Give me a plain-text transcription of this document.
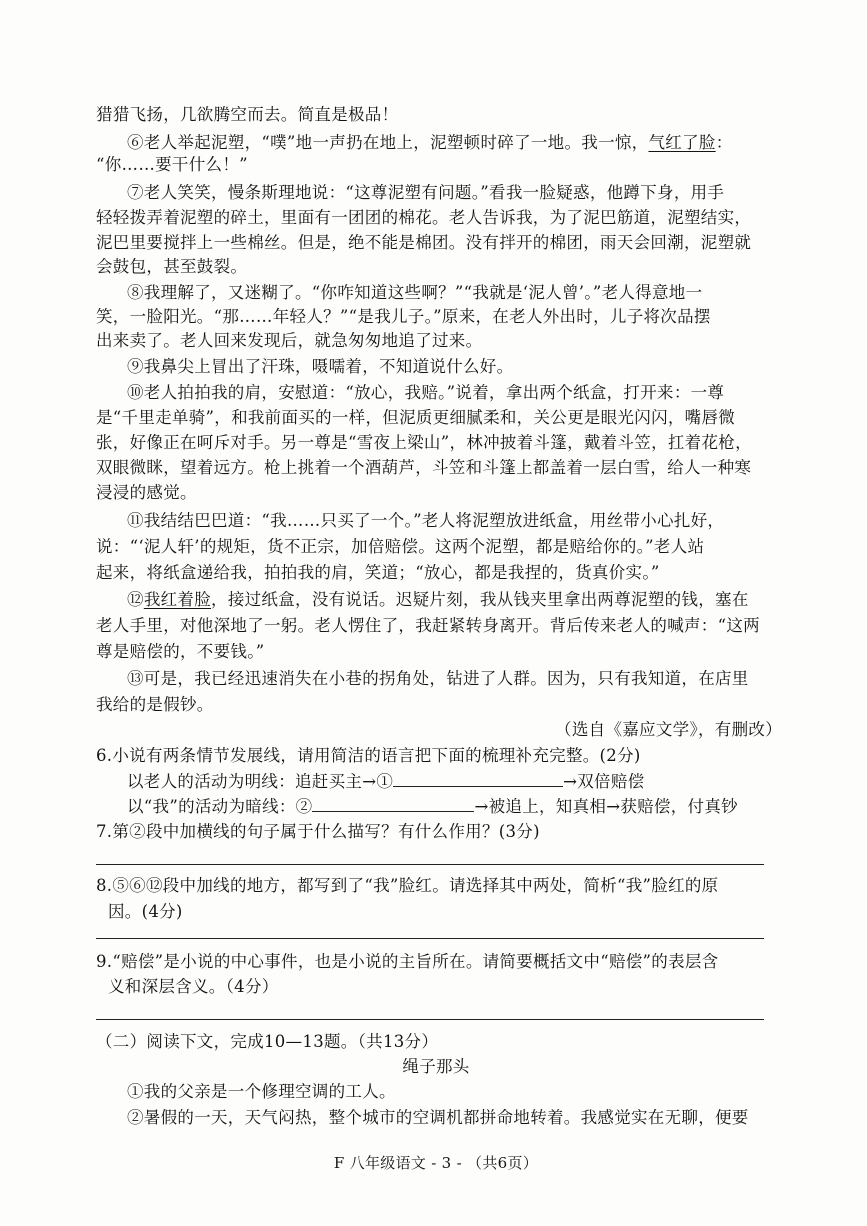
猎猎飞扬，几欲腾空而去。简直是极品！
⑥老人举起泥塑，“噗”地一声扔在地上，泥塑顿时碎了一地。我一惊，气红了脸：
“你……要干什么！”
⑦老人笑笑，慢条斯理地说：“这尊泥塑有问题。”看我一脸疑惑，他蹲下身，用手
轻轻拨弄着泥塑的碎土，里面有一团团的棉花。老人告诉我，为了泥巴筋道，泥塑结实，
泥巴里要搅拌上一些棉丝。但是，绝不能是棉团。没有拌开的棉团，雨天会回潮，泥塑就
会鼓包，甚至鼓裂。
⑧我理解了，又迷糊了。“你咋知道这些啊？”“我就是‘泥人曾’。”老人得意地一
笑，一脸阳光。“那……年轻人？”“是我儿子。”原来，在老人外出时，儿子将次品摆
出来卖了。老人回来发现后，就急匆匆地追了过来。
⑨我鼻尖上冒出了汗珠，嗫嚅着，不知道说什么好。
⑩老人拍拍我的肩，安慰道：“放心，我赔。”说着，拿出两个纸盒，打开来：一尊
是“千里走单骑”，和我前面买的一样，但泥质更细腻柔和，关公更是眼光闪闪，嘴唇微
张，好像正在呵斥对手。另一尊是“雪夜上梁山”，林冲披着斗篷，戴着斗笠，扛着花枪，
双眼微眯，望着远方。枪上挑着一个酒葫芦，斗笠和斗篷上都盖着一层白雪，给人一种寒
浸浸的感觉。
⑪我结结巴巴道：“我……只买了一个。”老人将泥塑放进纸盒，用丝带小心扎好，
说：“‘泥人轩’的规矩，货不正宗，加倍赔偿。这两个泥塑，都是赔给你的。”老人站
起来，将纸盒递给我，拍拍我的肩，笑道；“放心，都是我捏的，货真价实。”
⑫我红着脸，接过纸盒，没有说话。迟疑片刻，我从钱夹里拿出两尊泥塑的钱，塞在
老人手里，对他深地了一躬。老人愣住了，我赶紧转身离开。背后传来老人的喊声：“这两
尊是赔偿的，不要钱。”
⑬可是，我已经迅速消失在小巷的拐角处，钻进了人群。因为，只有我知道，在店里
我给的是假钞。
（选自《嘉应文学》，有删改）
6.小说有两条情节发展线，请用简洁的语言把下面的梳理补充完整。(2分)
以老人的活动为明线：追赶买主→①	→双倍赔偿
以“我”的活动为暗线：②	→被追上，知真相→获赔偿，付真钞
7.第②段中加横线的句子属于什么描写？有什么作用？(3分)
8.⑤⑥⑫段中加线的地方，都写到了“我”脸红。请选择其中两处，简析“我”脸红的原
因。(4分)
9.“赔偿”是小说的中心事件，也是小说的主旨所在。请简要概括文中“赔偿”的表层含
义和深层含义。（4分）
（二）阅读下文，完成10—13题。（共13分）
绳子那头
①我的父亲是一个修理空调的工人。
②暑假的一天，天气闷热，整个城市的空调机都拼命地转着。我感觉实在无聊，便要
F 八年级语文 - 3 - （共6页）
